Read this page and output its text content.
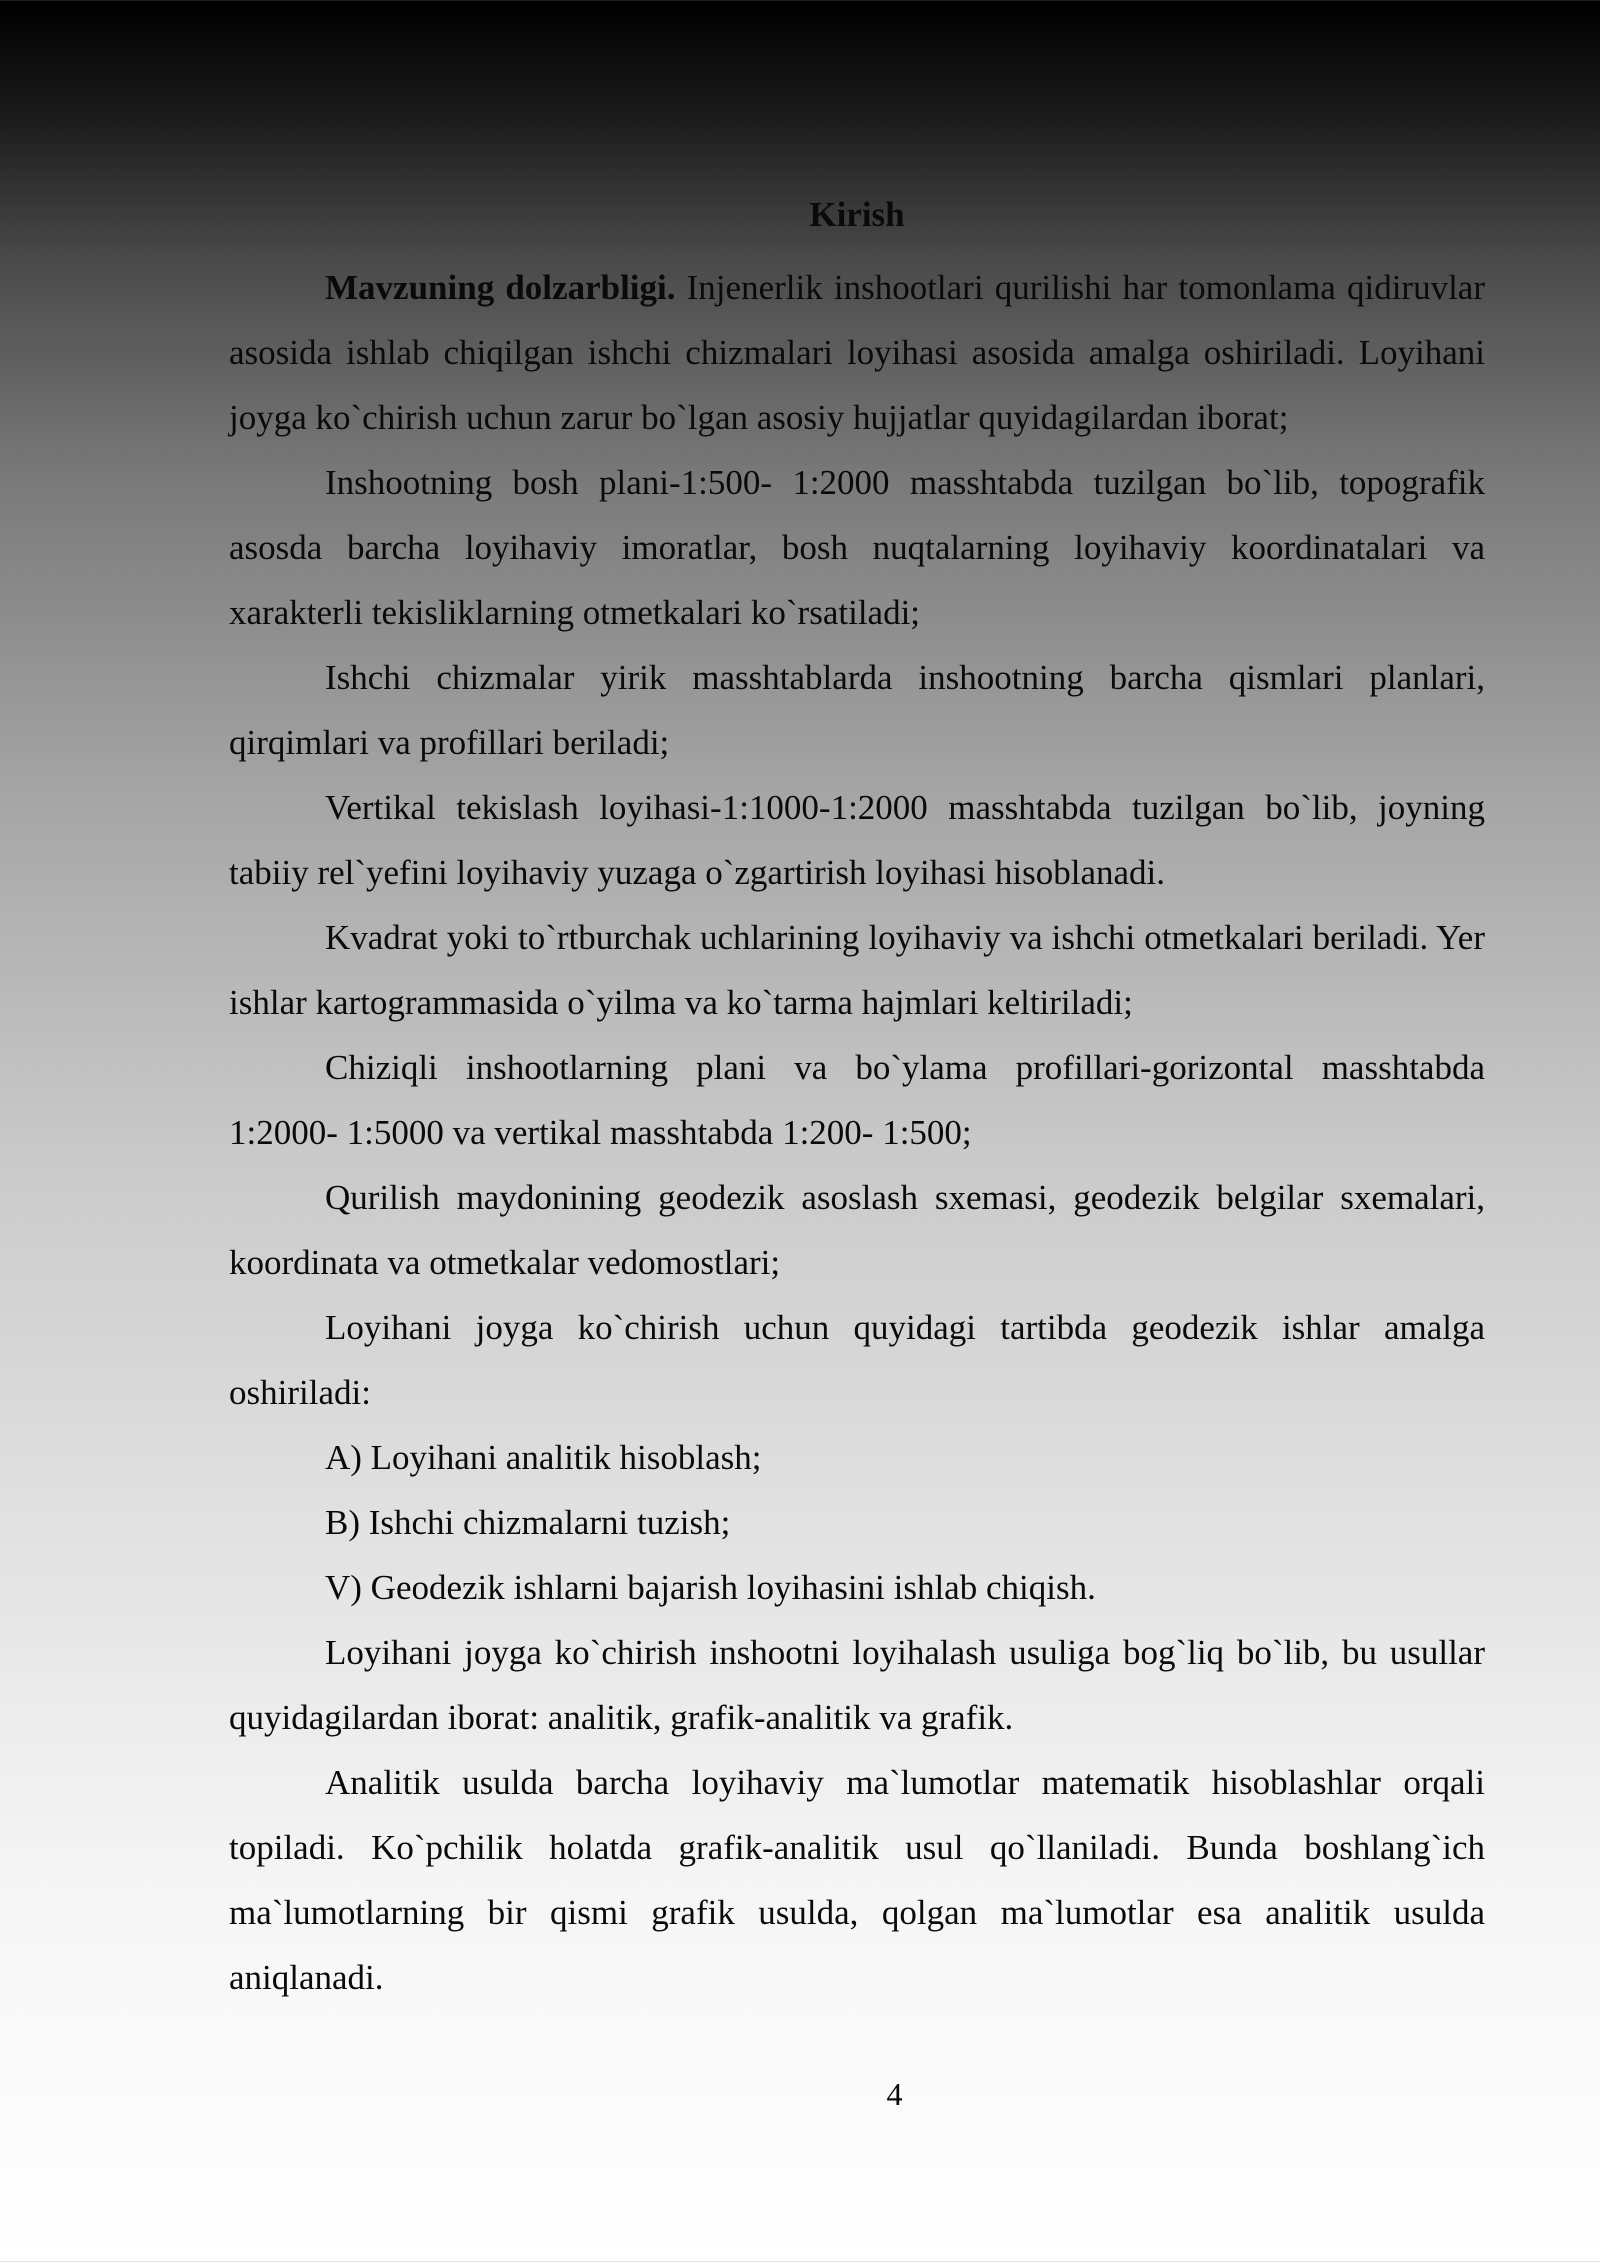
Kirish

Mavzuning dolzarbligi. Injenerlik inshootlari qurilishi har tomonlama qidiruvlar asosida ishlab chiqilgan ishchi chizmalari loyihasi asosida amalga oshiriladi. Loyihani joyga ko`chirish uchun zarur bo`lgan asosiy hujjatlar quyidagilardan iborat;

Inshootning bosh plani-1:500- 1:2000 masshtabda tuzilgan bo`lib, topografik asosda barcha loyihaviy imoratlar, bosh nuqtalarning loyihaviy koordinatalari va xarakterli tekisliklarning otmetkalari ko`rsatiladi;

Ishchi chizmalar yirik masshtablarda inshootning barcha qismlari planlari, qirqimlari va profillari beriladi;

Vertikal tekislash loyihasi-1:1000-1:2000 masshtabda tuzilgan bo`lib, joyning tabiiy rel`yefini loyihaviy yuzaga o`zgartirish loyihasi hisoblanadi.

Kvadrat yoki to`rtburchak uchlarining loyihaviy va ishchi otmetkalari beriladi. Yer ishlar kartogrammasida o`yilma va ko`tarma hajmlari keltiriladi;

Chiziqli inshootlarning plani va bo`ylama profillari-gorizontal masshtabda 1:2000- 1:5000 va vertikal masshtabda 1:200- 1:500;

Qurilish maydonining geodezik asoslash sxemasi, geodezik belgilar sxemalari, koordinata va otmetkalar vedomostlari;

Loyihani joyga ko`chirish uchun quyidagi tartibda geodezik ishlar amalga oshiriladi:

A) Loyihani analitik hisoblash;

B) Ishchi chizmalarni tuzish;

V) Geodezik ishlarni bajarish loyihasini ishlab chiqish.

Loyihani joyga ko`chirish inshootni loyihalash usuliga bog`liq bo`lib, bu usullar quyidagilardan iborat: analitik, grafik-analitik va grafik.

Analitik usulda barcha loyihaviy ma`lumotlar matematik hisoblashlar orqali topiladi. Ko`pchilik holatda grafik-analitik usul qo`llaniladi. Bunda boshlang`ich ma`lumotlarning bir qismi grafik usulda, qolgan ma`lumotlar esa analitik usulda aniqlanadi.

4
